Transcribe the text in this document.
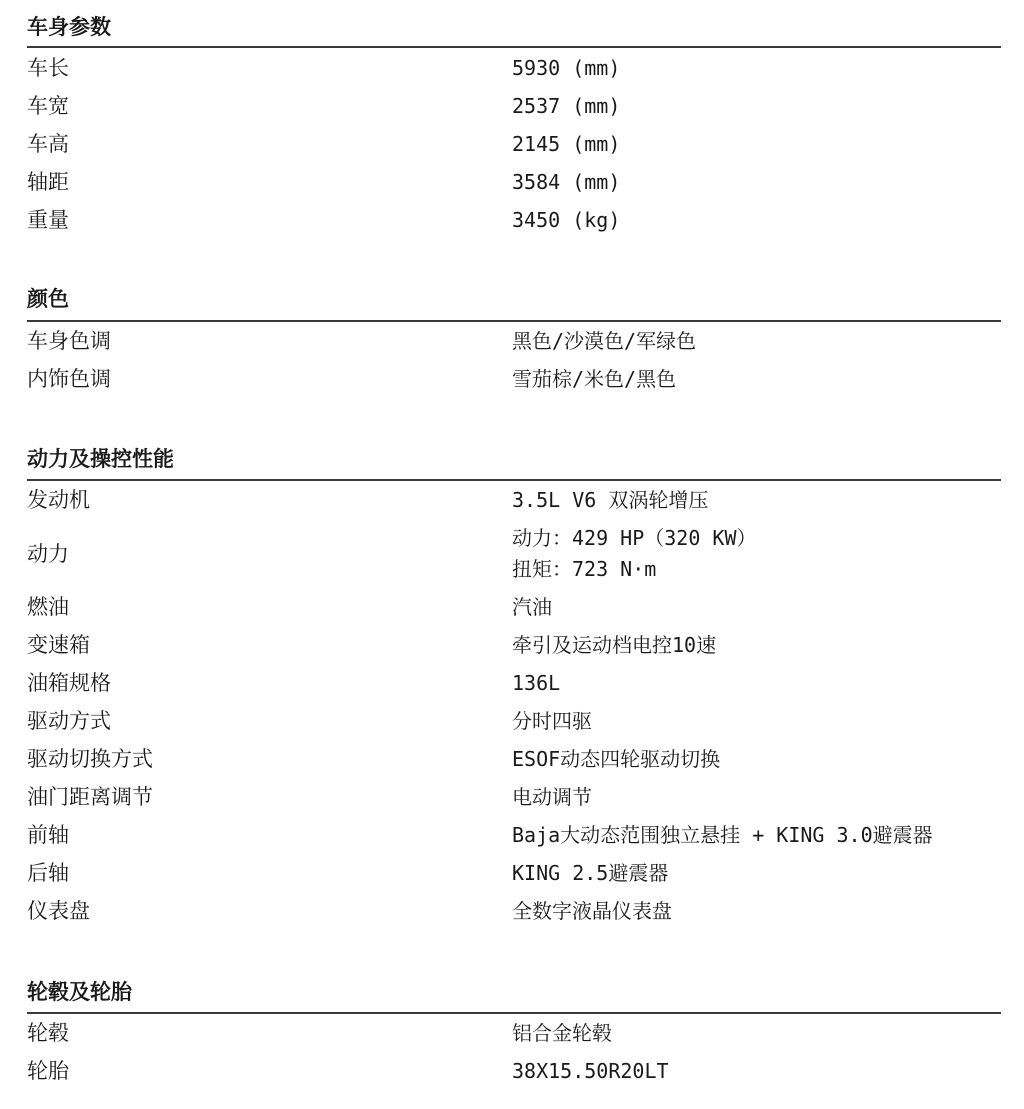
车身参数
车长	5930 (mm)
车宽	2537 (mm)
车高	2145 (mm)
轴距	3584 (mm)
重量	3450 (kg)
颜色
车身色调	黑色/沙漠色/军绿色
内饰色调	雪茄棕/米色/黑色
动力及操控性能
发动机	3.5L V6 双涡轮增压
动力
动力：429 HP（320 KW）
扭矩：723 N·m
燃油	汽油
变速箱	牵引及运动档电控10速
油箱规格	136L
驱动方式	分时四驱
驱动切换方式	ESOF动态四轮驱动切换
油门距离调节	电动调节
前轴	Baja大动态范围独立悬挂 + KING 3.0避震器
后轴	KING 2.5避震器
仪表盘	全数字液晶仪表盘
轮毂及轮胎
轮毂	铝合金轮毂
轮胎	38X15.50R20LT
